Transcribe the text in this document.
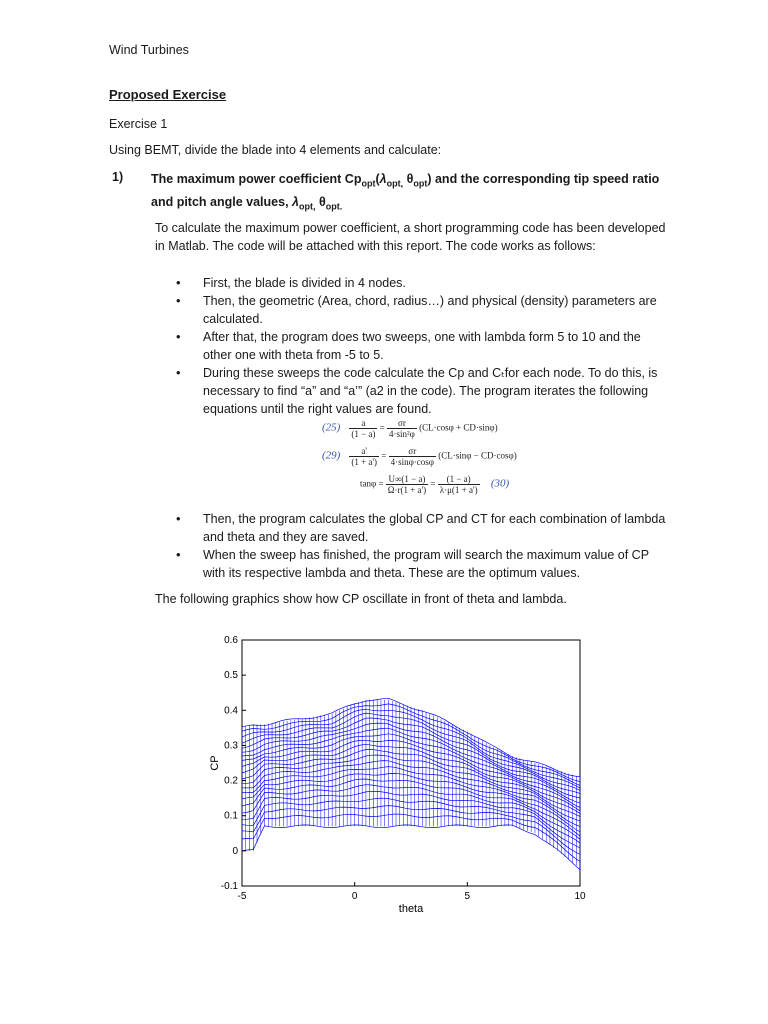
Wind Turbines
Proposed Exercise
Exercise 1
Using BEMT, divide the blade into 4 elements and calculate:
1) The maximum power coefficient $Cp_{opt}(\lambda_{opt,}$ $\theta_{opt}$) and the corresponding tip speed ratio and pitch angle values, $\lambda_{opt,}$ $\theta_{opt.}$
To calculate the maximum power coefficient, a short programming code has been developed in Matlab. The code will be attached with this report. The code works as follows:
• First, the blade is divided in 4 nodes.
• Then, the geometric (Area, chord, radius…) and physical (density) parameters are calculated.
• After that, the program does two sweeps, one with lambda form 5 to 10 and the other one with theta from -5 to 5.
• During these sweeps the code calculate the Cp and Cₜfor each node. To do this, is necessary to find “a” and “a’” (a2 in the code). The program iterates the following equations until the right values are found.
$(25) \frac{a}{(1 - a)} = \frac{\sigma r}{\text{4·sin²φ}} (CL\cdot\cos\varphi + CD\cdot\sin\varphi)$
$(29) \frac{a'}{(1 + a')} = \frac{\sigma r}{4\cdot\sin\varphi\cdot\cos\varphi} (CL\cdot\sin\varphi - CD\cdot\cos\varphi)$
$\tan\varphi = \frac{U\infty(1 - a)}{\Omega\cdot r(1 + a')} = \frac{(1 - a)}{\lambda\cdot\mu(1 + a')} (30)$
• Then, the program calculates the global CP and CT for each combination of lambda and theta and they are saved.
• When the sweep has finished, the program will search the maximum value of CP with its respective lambda and theta. These are the optimum values.
The following graphics show how CP oscillate in front of theta and lambda.
-5	0	5	10
-0.1
0
0.1
0.2
0.3
0.4
0.5
0.6
theta
CP
